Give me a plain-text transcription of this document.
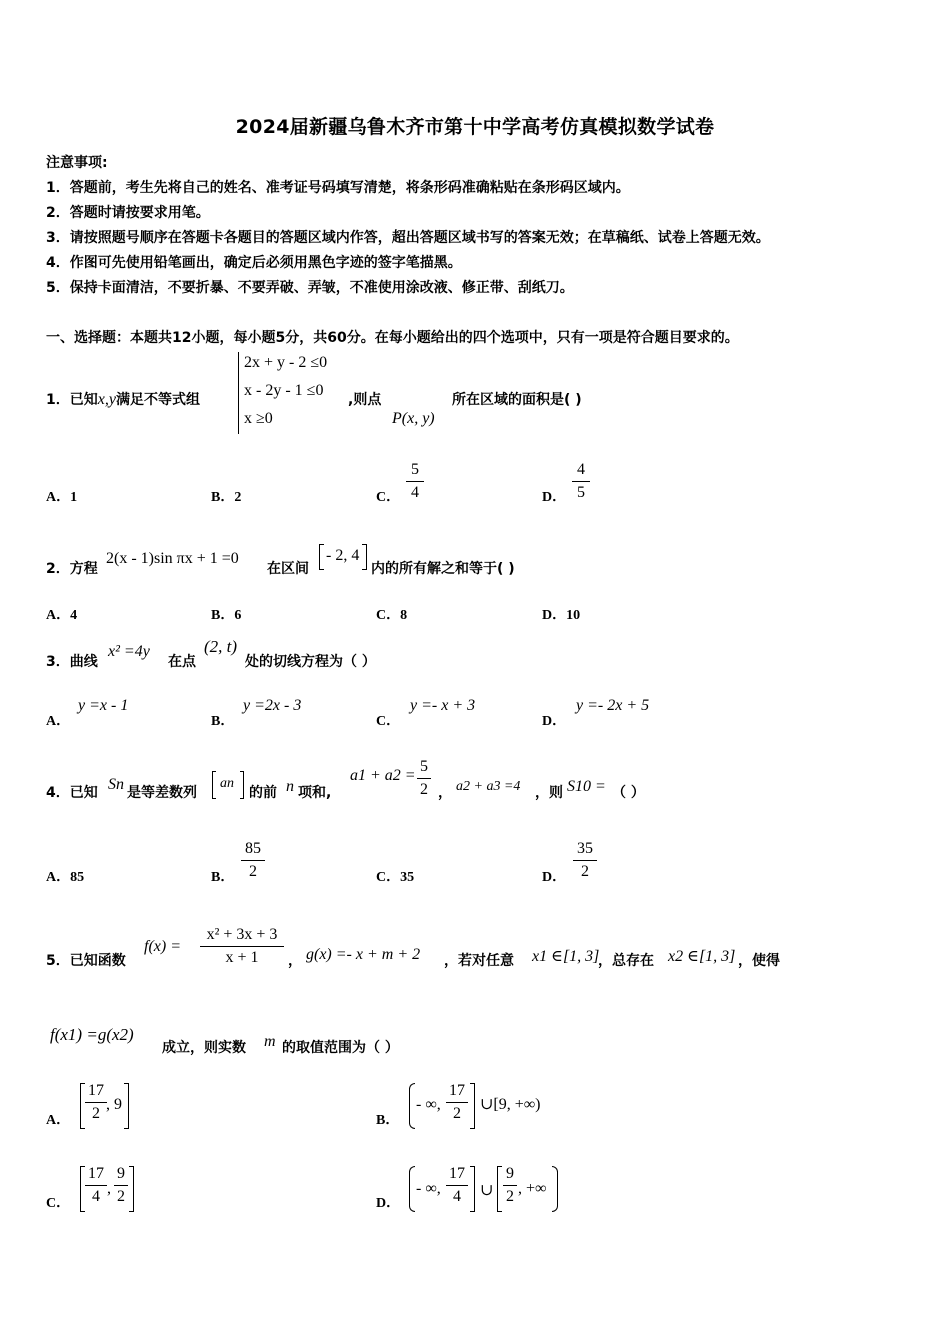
2024届新疆乌鲁木齐市第十中学高考仿真模拟数学试卷
注意事项:
1．答题前，考生先将自己的姓名、准考证号码填写清楚，将条形码准确粘贴在条形码区域内。
2．答题时请按要求用笔。
3．请按照题号顺序在答题卡各题目的答题区域内作答，超出答题区域书写的答案无效；在草稿纸、试卷上答题无效。
4．作图可先使用铅笔画出，确定后必须用黑色字迹的签字笔描黑。
5．保持卡面清洁，不要折暴、不要弄破、弄皱，不准使用涂改液、修正带、刮纸刀。
一、选择题：本题共12小题，每小题5分，共60分。在每小题给出的四个选项中，只有一项是符合题目要求的。
1．已知x,y满足不等式组
2x + y - 2 ≤0
x - 2y - 1 ≤0
x ≥0
,则点
P(x, y)
所在区域的面积是( )
A．1	B．2	C．
5
4	D．
4
5
2．方程
2(x - 1)sin πx + 1 =0
在区间
- 2, 4
内的所有解之和等于( )
A．4	B．6	C．8	D．10
3．曲线
x² =4y
在点
(2, t)
处的切线方程为（ ）
A．
y =x - 1
B．
y =2x - 3
C．
y =- x + 3
D．
y =- 2x + 5
4．已知 Sn 是等差数列
an
的前 n 项和,
a1 + a2 =
5
2 ， a2 + a3 =4 ，则 S10 = （ ）
A．85	B．
85
2	C．35	D．
35
2
5．已知函数
f(x) =
x² + 3x + 3
x + 1	， g(x) =- x + m + 2 ，若对任意 x1 ∈[1, 3]
，总存在 x2 ∈[1, 3] ，使得
f(x1) =g(x2)
成立，则实数 m 的取值范围为（ ）
A．
17
2
, 9
B．
- ∞,
17
2
∪[9, +∞)
C．
17
4 ,
9
2	D．
- ∞,
17
4	∪
9
2 , +∞
